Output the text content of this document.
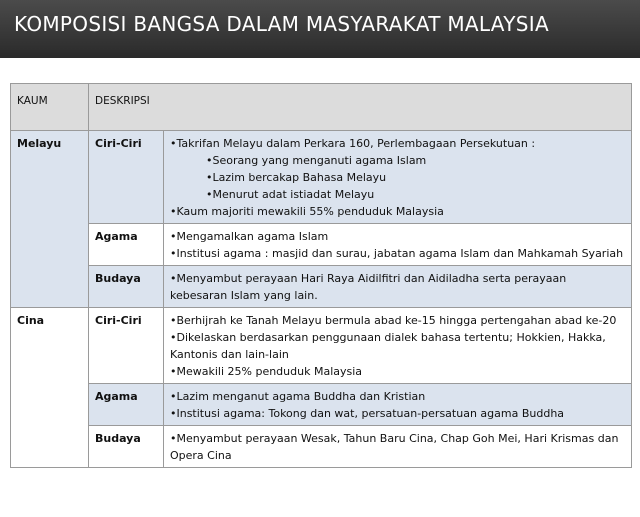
KOMPOSISI BANGSA DALAM MASYARAKAT MALAYSIA
KAUM	DESKRIPSI	
Melayu	Ciri-Ciri	•Takrifan Melayu dalam Perkara 160, Perlembagaan Persekutuan :
•Seorang yang menganuti agama Islam
•Lazim bercakap Bahasa Melayu
•Menurut adat istiadat Melayu
•Kaum majoriti mewakili 55% penduduk Malaysia

	Agama	•Mengamalkan agama Islam
•Institusi agama : masjid dan surau, jabatan agama Islam dan Mahkamah Syariah

	Budaya	•Menyambut perayaan Hari Raya Aidilfitri dan Aidiladha serta perayaan kebesaran Islam yang lain.

Cina	Ciri-Ciri	•Berhijrah ke Tanah Melayu bermula abad ke-15 hingga pertengahan abad ke-20
•Dikelaskan berdasarkan penggunaan dialek bahasa tertentu; Hokkien, Hakka, Kantonis dan lain-lain
•Mewakili 25% penduduk Malaysia

	Agama	•Lazim menganut agama Buddha dan Kristian
•Institusi agama: Tokong dan wat, persatuan-persatuan agama Buddha

	Budaya	•Menyambut perayaan Wesak, Tahun Baru Cina, Chap Goh Mei, Hari Krismas dan Opera Cina
